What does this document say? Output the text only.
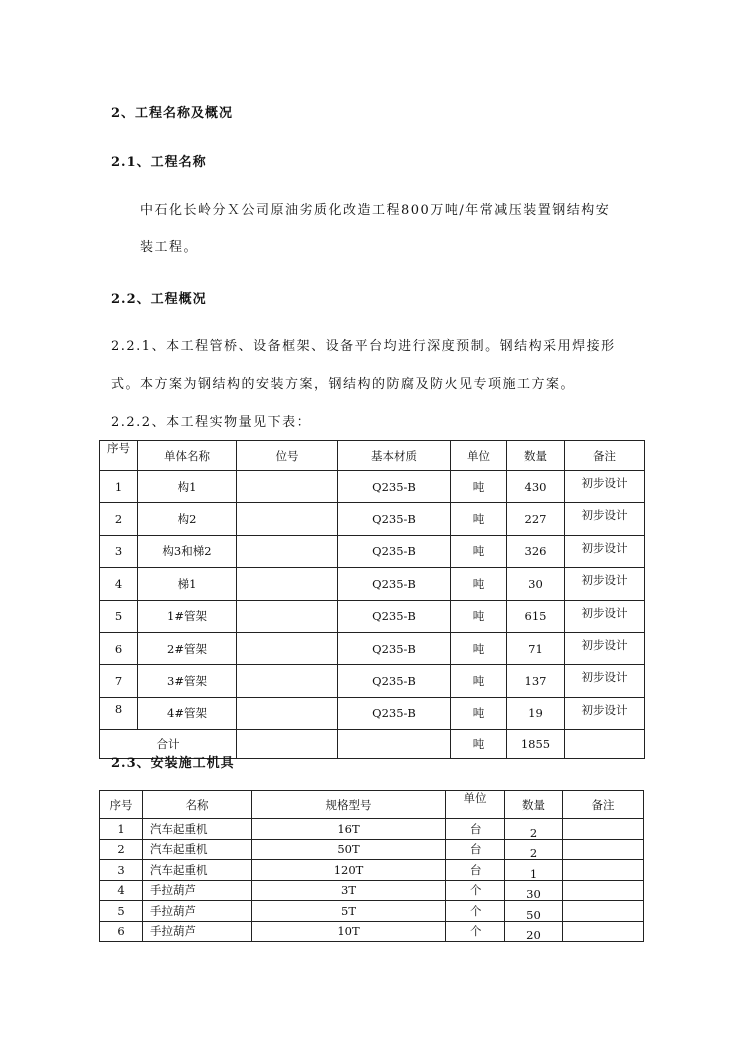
2、工程名称及概况
2.1、工程名称
中石化长岭分Ｘ公司原油劣质化改造工程800万吨/年常减压装置钢结构安
装工程。
2.2、工程概况
2.2.1、本工程管桥、设备框架、设备平台均进行深度预制。钢结构采用焊接形
式。本方案为钢结构的安装方案，钢结构的防腐及防火见专项施工方案。
2.2.2、本工程实物量见下表：
序号	单体名称	位号	基本材质	单位	数量	备注
1	构1		Q235-B	吨	430	初步设计
2	构2		Q235-B	吨	227	初步设计
3	构3和梯2		Q235-B	吨	326	初步设计
4	梯1		Q235-B	吨	30	初步设计
5	1#管架		Q235-B	吨	615	初步设计
6	2#管架		Q235-B	吨	71	初步设计
7	3#管架		Q235-B	吨	137	初步设计
8	4#管架		Q235-B	吨	19	初步设计
合计				吨	1855	
2.3、安装施工机具
序号	名称	规格型号	单位	数量	备注
1	汽车起重机	16T	台	2	
2	汽车起重机	50T	台	2	
3	汽车起重机	120T	台	1	
4	手拉葫芦	3T	个	30	
5	手拉葫芦	5T	个	50	
6	手拉葫芦	10T	个	20	
